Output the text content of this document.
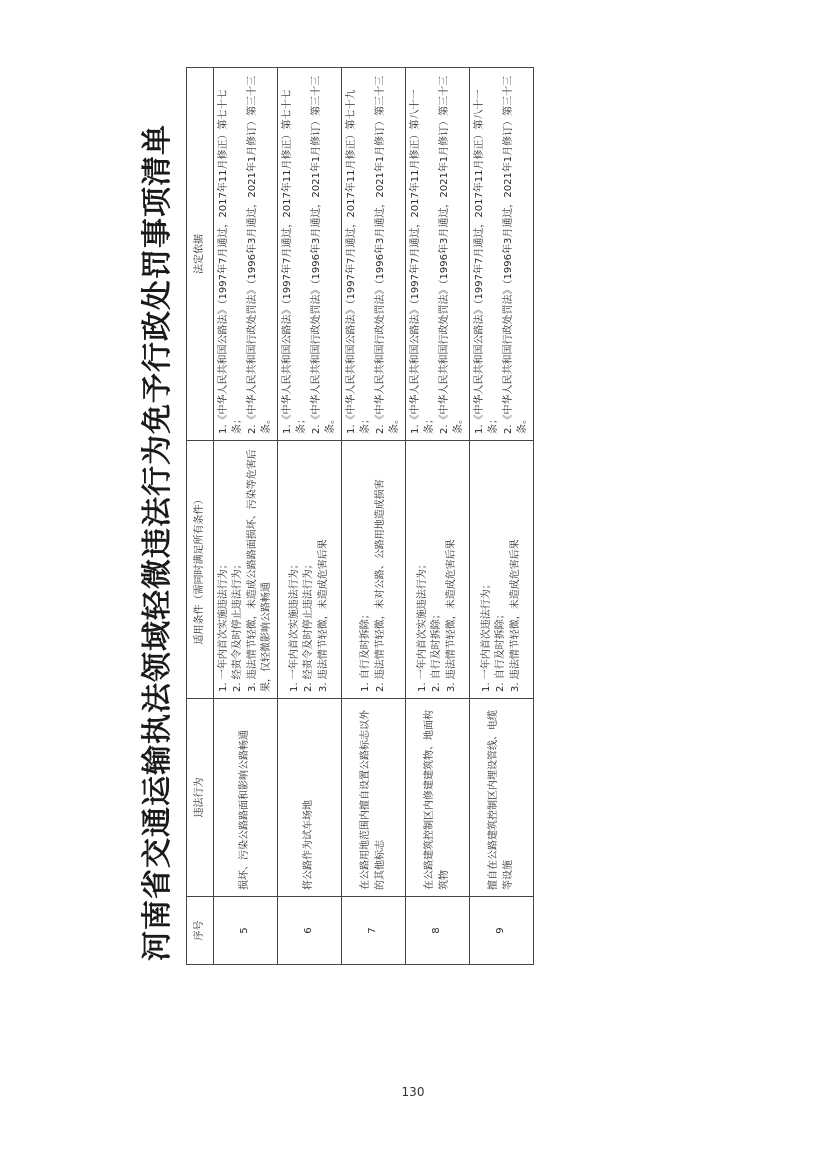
河南省交通运输执法领域轻微违法行为免予行政处罚事项清单	序号	违法行为	适用条件（需同时满足所有条件）	法定依据
5	损坏、污染公路路面和影响公路畅通	1. 一年内首次实施违法行为； 2. 经责令及时停止违法行为； 3. 违法情节轻微，未造成公路路面损坏、污染等危害后果，仅轻微影响公路畅通	1.《中华人民共和国公路法》（1997年7月通过，2017年11月修正）第七十七条； 2.《中华人民共和国行政处罚法》（1996年3月通过，2021年1月修订）第三十三条。

6	将公路作为试车场地	1. 一年内首次实施违法行为； 2. 经责令及时停止违法行为； 3. 违法情节轻微，未造成危害后果	1.《中华人民共和国公路法》（1997年7月通过，2017年11月修正）第七十七条； 2.《中华人民共和国行政处罚法》（1996年3月通过，2021年1月修订）第三十三条。

7	在公路用地范围内擅自设置公路标志以外的其他标志	1. 自行及时拆除； 2. 违法情节轻微，未对公路、公路用地造成损害	1.《中华人民共和国公路法》（1997年7月通过，2017年11月修正）第七十九条； 2.《中华人民共和国行政处罚法》（1996年3月通过，2021年1月修订）第三十三条。

8	在公路建筑控制区内修建建筑物、地面构筑物	1. 一年内首次实施违法行为； 2. 自行及时拆除； 3. 违法情节轻微，未造成危害后果	1.《中华人民共和国公路法》（1997年7月通过，2017年11月修正）第八十一条； 2.《中华人民共和国行政处罚法》（1996年3月通过，2021年1月修订）第三十三条。

9	擅自在公路建筑控制区内埋设管线、电缆等设施	1. 一年内首次违法行为； 2. 自行及时拆除； 3. 违法情节轻微，未造成危害后果	1.《中华人民共和国公路法》（1997年7月通过，2017年11月修正）第八十一条； 2.《中华人民共和国行政处罚法》（1996年3月通过，2021年1月修订）第三十三条。
130
